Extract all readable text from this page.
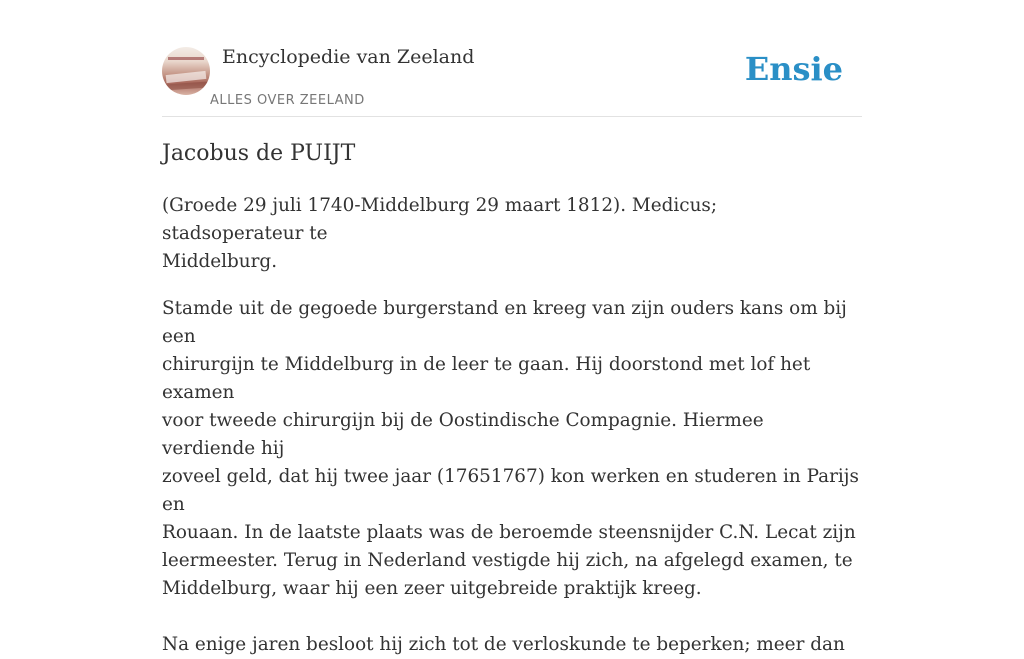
Encyclopedie van Zeeland
ALLES OVER ZEELAND
Ensie
Jacobus de PUIJT

(Groede 29 juli 1740-Middelburg 29 maart 1812). Medicus; stadsoperateur te
Middelburg.

Stamde uit de gegoede burgerstand en kreeg van zijn ouders kans om bij een
chirurgijn te Middelburg in de leer te gaan. Hij doorstond met lof het examen
voor tweede chirurgijn bij de Oostindische Compagnie. Hiermee verdiende hij
zoveel geld, dat hij twee jaar (17651767) kon werken en studeren in Parijs en
Rouaan. In de laatste plaats was de beroemde steensnijder C.N. Lecat zijn
leermeester. Terug in Nederland vestigde hij zich, na afgelegd examen, te
Middelburg, waar hij een zeer uitgebreide praktijk kreeg.

Na enige jaren besloot hij zich tot de verloskunde te beperken; meer dan
